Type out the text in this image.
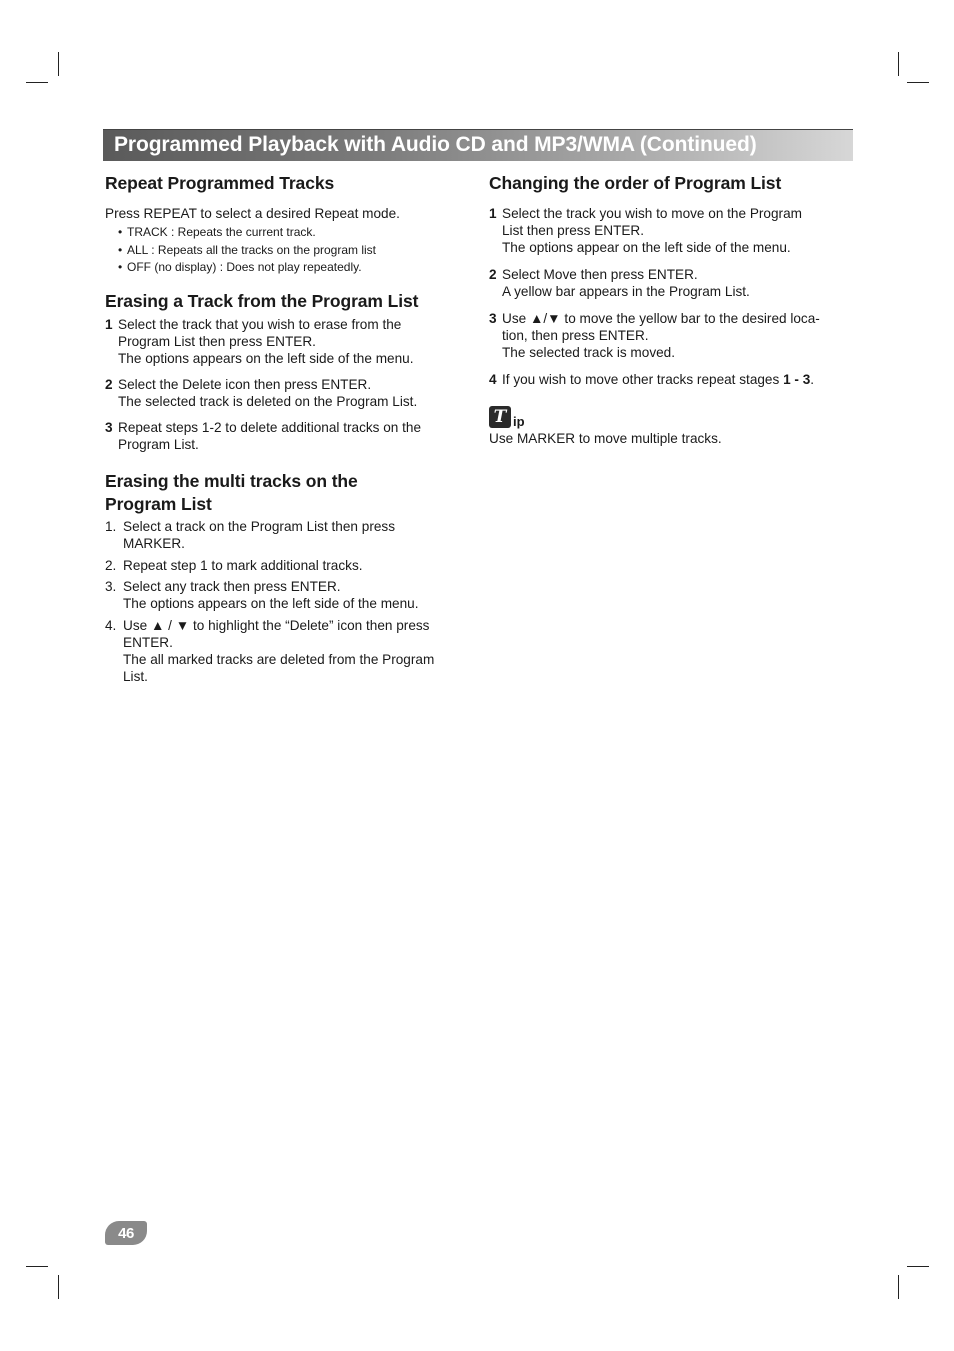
Programmed Playback with Audio CD and MP3/WMA (Continued)
Repeat Programmed Tracks

Press REPEAT to select a desired Repeat mode.

• TRACK : Repeats the current track.
• ALL : Repeats all the tracks on the program list
• OFF (no display) : Does not play repeatedly.
Erasing a Track from the Program List
1 Select the track that you wish to erase from the
Program List then press ENTER.
The options appears on the left side of the menu.
2 Select the Delete icon then press ENTER.
The selected track is deleted on the Program List.
3 Repeat steps 1-2 to delete additional tracks on the
Program List.
Erasing the multi tracks on the
Program List
1. Select a track on the Program List then press
MARKER.
2. Repeat step 1 to mark additional tracks.
3. Select any track then press ENTER.
The options appears on the left side of the menu.
4. Use ▲ / ▼ to highlight the “Delete” icon then press
ENTER.
The all marked tracks are deleted from the Program
List.
Changing the order of Program List
1 Select the track you wish to move on the Program
List then press ENTER.
The options appear on the left side of the menu.
2 Select Move then press ENTER.
A yellow bar appears in the Program List.
3 Use ▲/▼ to move the yellow bar to the desired loca-
tion, then press ENTER.
The selected track is moved.
4 If you wish to move other tracks repeat stages 1 - 3.
T ip

Use MARKER to move multiple tracks.

46
